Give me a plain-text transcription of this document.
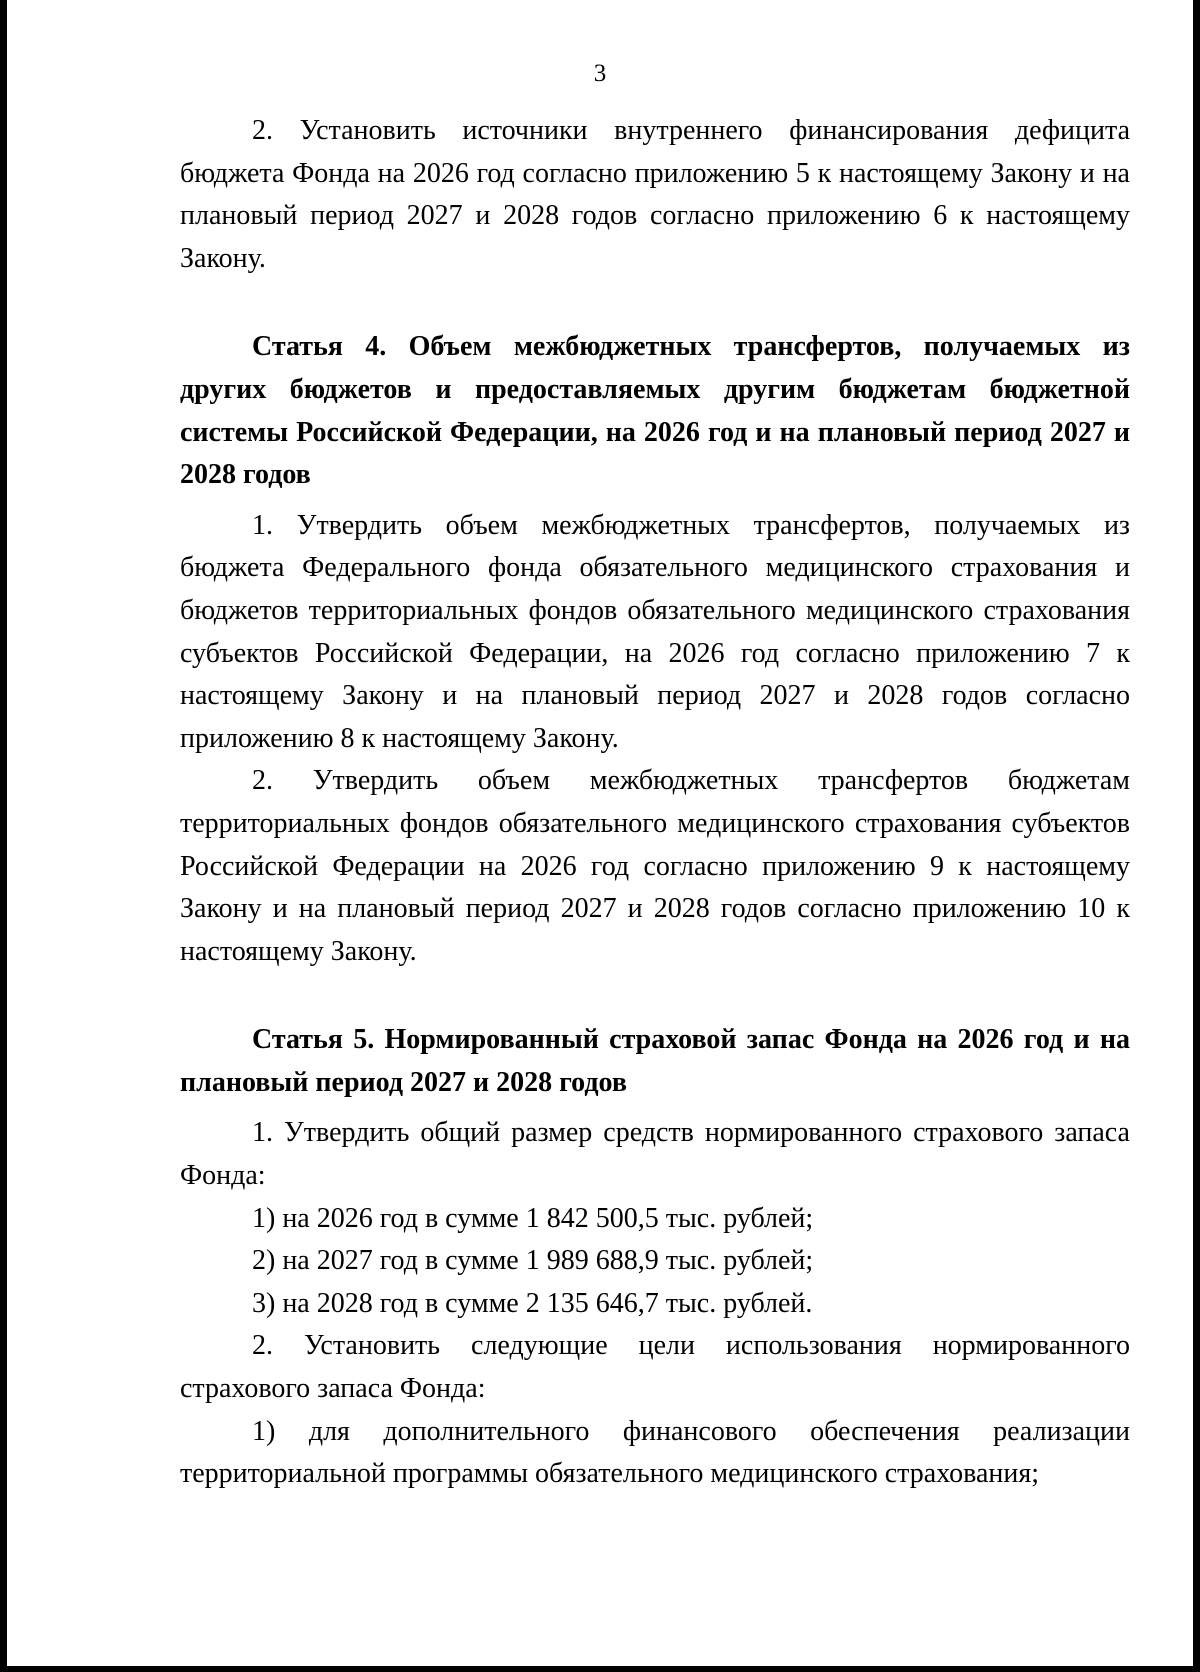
3

2. Установить источники внутреннего финансирования дефицита бюджета Фонда на 2026 год согласно приложению 5 к настоящему Закону и на плановый период 2027 и 2028 годов согласно приложению 6 к настоящему Закону.

Статья 4. Объем межбюджетных трансфертов, получаемых из других бюджетов и предоставляемых другим бюджетам бюджетной системы Российской Федерации, на 2026 год и на плановый период 2027 и 2028 годов

1. Утвердить объем межбюджетных трансфертов, получаемых из бюджета Федерального фонда обязательного медицинского страхования и бюджетов территориальных фондов обязательного медицинского страхования субъектов Российской Федерации, на 2026 год согласно приложению 7 к настоящему Закону и на плановый период 2027 и 2028 годов согласно приложению 8 к настоящему Закону.

2. Утвердить объем межбюджетных трансфертов бюджетам территориальных фондов обязательного медицинского страхования субъектов Российской Федерации на 2026 год согласно приложению 9 к настоящему Закону и на плановый период 2027 и 2028 годов согласно приложению 10 к настоящему Закону.

Статья 5. Нормированный страховой запас Фонда на 2026 год и на плановый период 2027 и 2028 годов

1. Утвердить общий размер средств нормированного страхового запаса Фонда:

1) на 2026 год в сумме 1 842 500,5 тыс. рублей;

2) на 2027 год в сумме 1 989 688,9 тыс. рублей;

3) на 2028 год в сумме 2 135 646,7 тыс. рублей.

2. Установить следующие цели использования нормированного страхового запаса Фонда:

1) для дополнительного финансового обеспечения реализации территориальной программы обязательного медицинского страхования;
